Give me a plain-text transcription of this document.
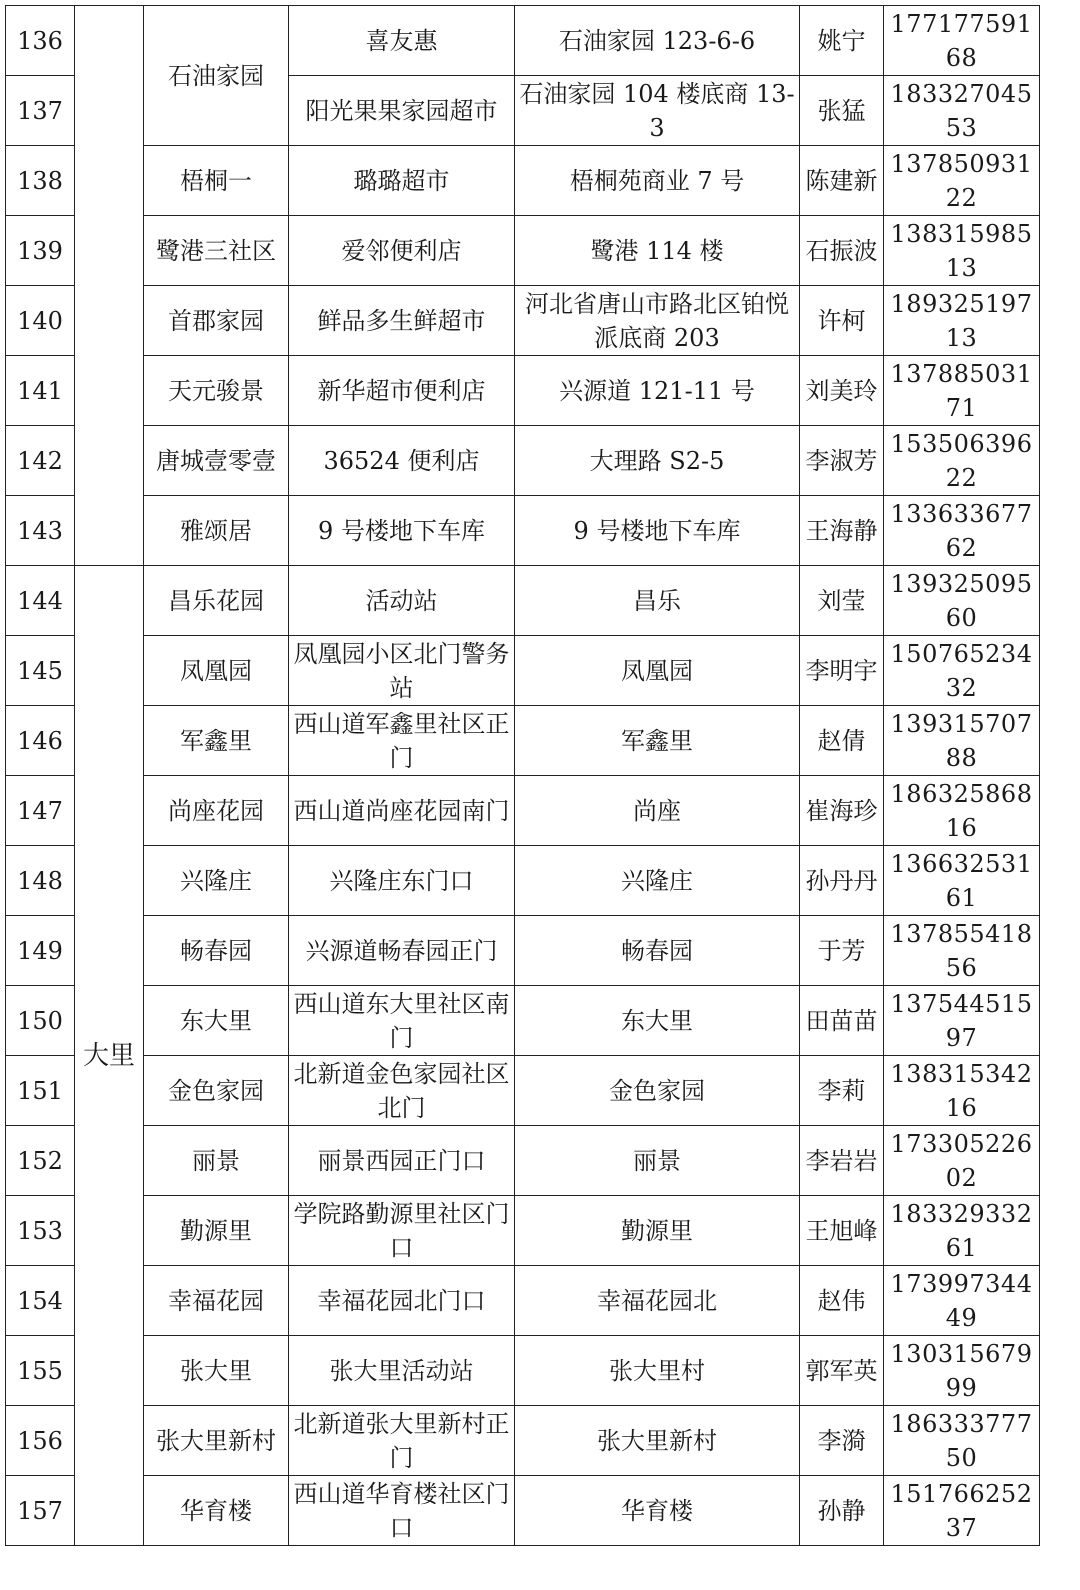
136		石油家园	喜友惠	石油家园 123-6-6	姚宁	17717759168
137			阳光果果家园超市	石油家园 104 楼底商 13-3	张猛	18332704553
138		梧桐一	璐璐超市	梧桐苑商业 7 号	陈建新	13785093122
139		鹭港三社区	爱邻便利店	鹭港 114 楼	石振波	13831598513
140		首郡家园	鲜品多生鲜超市	河北省唐山市路北区铂悦派底商 203	许柯	18932519713
141		天元骏景	新华超市便利店	兴源道 121-11 号	刘美玲	13788503171
142		唐城壹零壹	36524 便利店	大理路 S2-5	李淑芳	15350639622
143		雅颂居	9 号楼地下车库	9 号楼地下车库	王海静	13363367762
144	大里	昌乐花园	活动站	昌乐	刘莹	13932509560
145		凤凰园	凤凰园小区北门警务站	凤凰园	李明宇	15076523432
146		军鑫里	西山道军鑫里社区正门	军鑫里	赵倩	13931570788
147		尚座花园	西山道尚座花园南门	尚座	崔海珍	18632586816
148		兴隆庄	兴隆庄东门口	兴隆庄	孙丹丹	13663253161
149		畅春园	兴源道畅春园正门	畅春园	于芳	13785541856
150		东大里	西山道东大里社区南门	东大里	田苗苗	13754451597
151		金色家园	北新道金色家园社区北门	金色家园	李莉	13831534216
152		丽景	丽景西园正门口	丽景	李岩岩	17330522602
153		勤源里	学院路勤源里社区门口	勤源里	王旭峰	18332933261
154		幸福花园	幸福花园北门口	幸福花园北	赵伟	17399734449
155		张大里	张大里活动站	张大里村	郭军英	13031567999
156		张大里新村	北新道张大里新村正门	张大里新村	李漪	18633377750
157		华育楼	西山道华育楼社区门口	华育楼	孙静	15176625237
